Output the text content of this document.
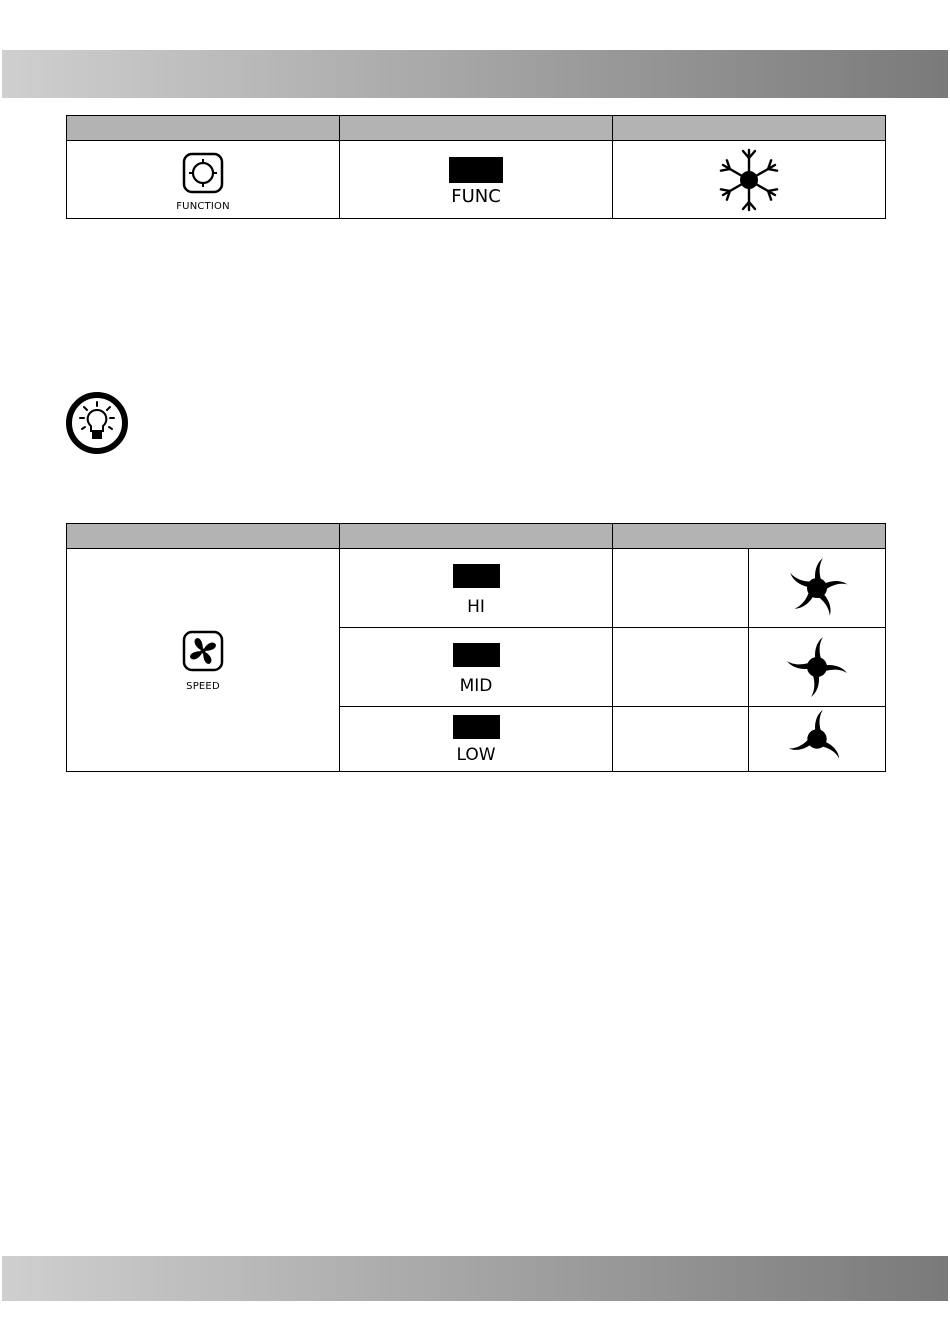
FUNCTION	FUNC

SPEED	HI

	MID

	LOW
